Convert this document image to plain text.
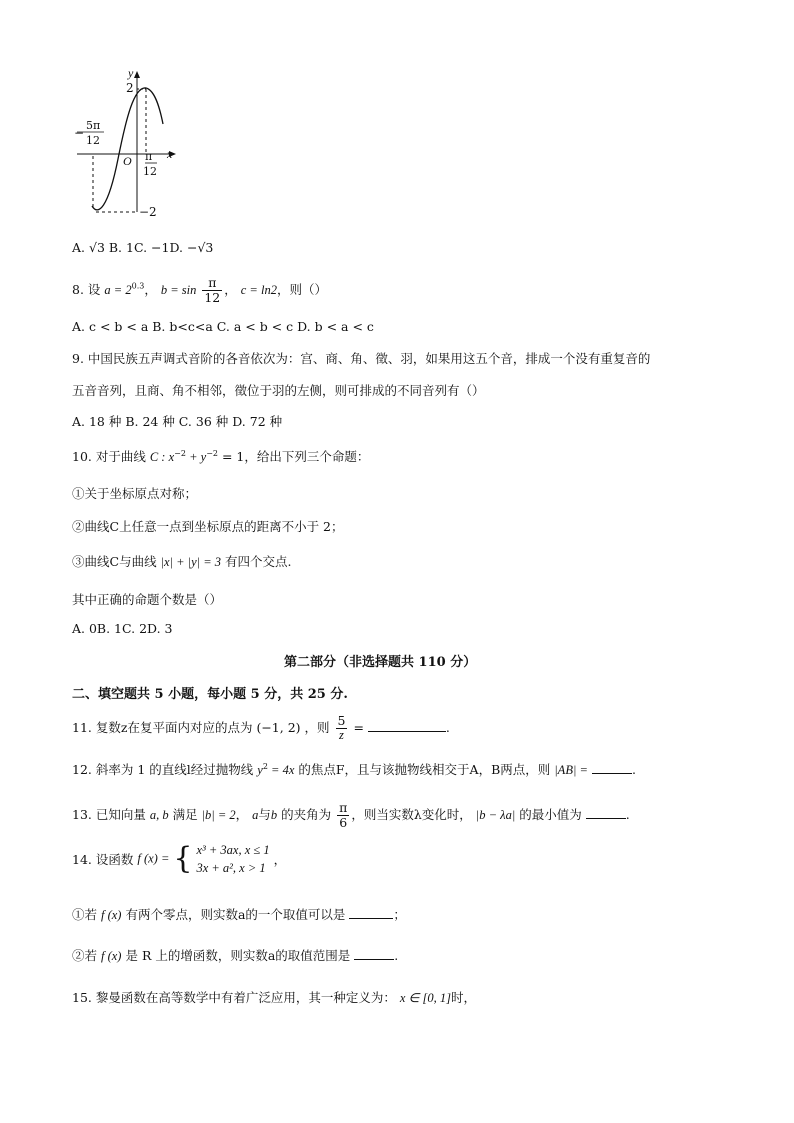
y
x
O
2
−2
−
5π
12
π
12
A. √3 B. 1C. −1D. −√3
8. 设 $a = 2^{0.3}$， $b = \sin \frac{\pi}{12}$ ， c = ln2，则（）
A. c < b < a B. b<c<a C. a < b < c D. b < a < c
9. 中国民族五声调式音阶的各音依次为：宫、商、角、徵、羽，如果用这五个音，排成一个没有重复音的
五音音列，且商、角不相邻，徵位于羽的左侧，则可排成的不同音列有（）
A. 18 种 B. 24 种 C. 36 种 D. 72 种
10. 对于曲线 C : $x^{-2} + y^{-2} = 1$，给出下列三个命题：
①关于坐标原点对称；
②曲线C上任意一点到坐标原点的距离不小于 2；
③曲线C与曲线 |x| + |y| = 3 有四个交点.
其中正确的命题个数是（）
A. 0B. 1C. 2D. 3
第二部分（非选择题共 110 分）
二、填空题共 5 小题，每小题 5 分，共 25 分.
11. 复数z在复平面内对应的点为 (−1, 2) ，则 $\frac{5}{z}$ =	.
12. 斜率为 1 的直线l经过抛物线 $y^2 = 4x$ 的焦点F，且与该抛物线相交于A，B两点，则 |AB| =	.
13. 已知向量 a, b 满足 |b| = 2， a与b 的夹角为 $\frac{\pi}{6}$ ，则当实数λ变化时， |b − λa| 的最小值为	.
14. 设函数 f (x) = { x³ + 3ax, x ≤ 1
3x + a², x > 1
，
①若 f (x) 有两个零点，则实数a的一个取值可以是	；
②若 f (x) 是 R 上的增函数，则实数a的取值范围是	.
15. 黎曼函数在高等数学中有着广泛应用，其一种定义为： x ∈ [0, 1]时，
